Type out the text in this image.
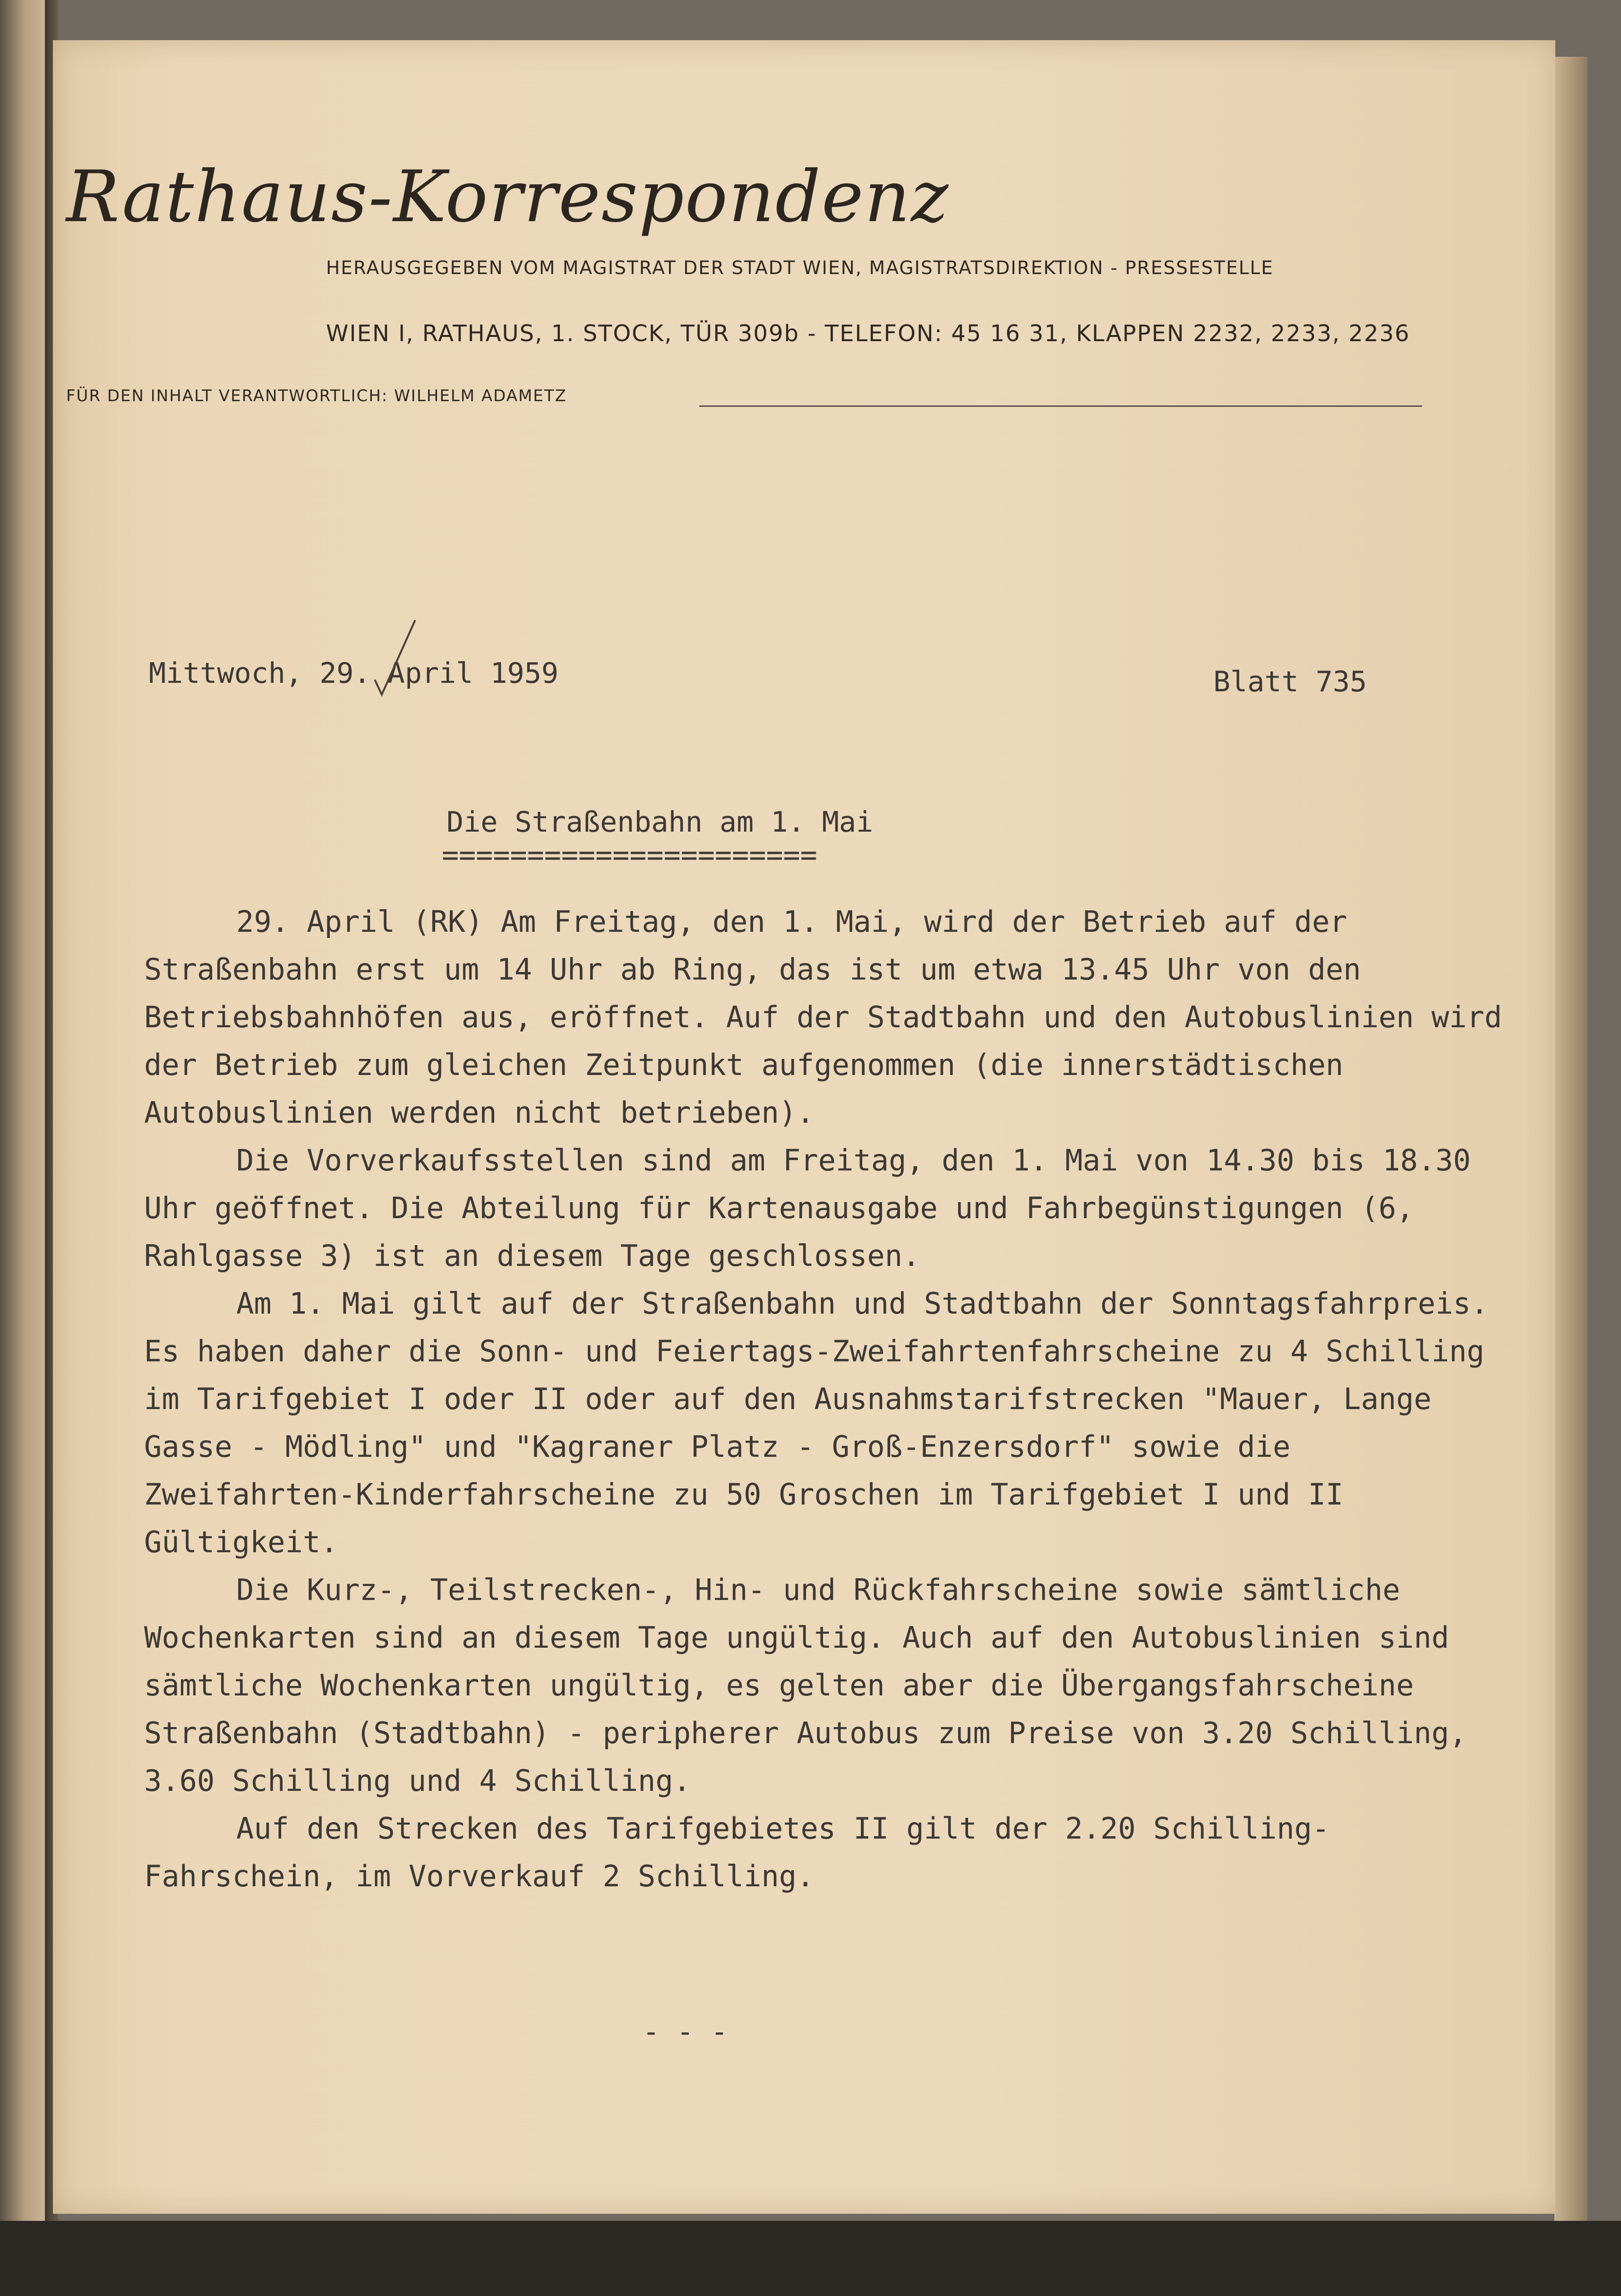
Rathaus-Korrespondenz
HERAUSGEGEBEN VOM MAGISTRAT DER STADT WIEN, MAGISTRATSDIREKTION - PRESSESTELLE
WIEN I, RATHAUS, 1. STOCK, TÜR 309b - TELEFON: 45 16 31, KLAPPEN 2232, 2233, 2236
FÜR DEN INHALT VERANTWORTLICH: WILHELM ADAMETZ
Mittwoch, 29. April 1959	Blatt 735
Die Straßenbahn am 1. Mai
======================

29. April (RK) Am Freitag, den 1. Mai, wird der Betrieb auf der Straßenbahn erst um 14 Uhr ab Ring, das ist um etwa 13.45 Uhr von den Betriebsbahnhöfen aus, eröffnet. Auf der Stadtbahn und den Autobuslinien wird der Betrieb zum gleichen Zeitpunkt aufgenommen (die innerstädtischen Autobuslinien werden nicht betrieben).

Die Vorverkaufsstellen sind am Freitag, den 1. Mai von 14.30 bis 18.30 Uhr geöffnet. Die Abteilung für Kartenausgabe und Fahrbegünstigungen (6, Rahlgasse 3) ist an diesem Tage geschlossen.

Am 1. Mai gilt auf der Straßenbahn und Stadtbahn der Sonntagsfahrpreis. Es haben daher die Sonn- und Feiertags-Zweifahrtenfahrscheine zu 4 Schilling im Tarifgebiet I oder II oder auf den Ausnahmstarifstrecken "Mauer, Lange Gasse - Mödling" und "Kagraner Platz - Groß-Enzersdorf" sowie die Zweifahrten-Kinderfahrscheine zu 50 Groschen im Tarifgebiet I und II Gültigkeit.

Die Kurz-, Teilstrecken-, Hin- und Rückfahrscheine sowie sämtliche Wochenkarten sind an diesem Tage ungültig. Auch auf den Autobuslinien sind sämtliche Wochenkarten ungültig, es gelten aber die Übergangsfahrscheine Straßenbahn (Stadtbahn) - peripherer Autobus zum Preise von 3.20 Schilling, 3.60 Schilling und 4 Schilling.

Auf den Strecken des Tarifgebietes II gilt der 2.20 Schilling-Fahrschein, im Vorverkauf 2 Schilling.

- - -
